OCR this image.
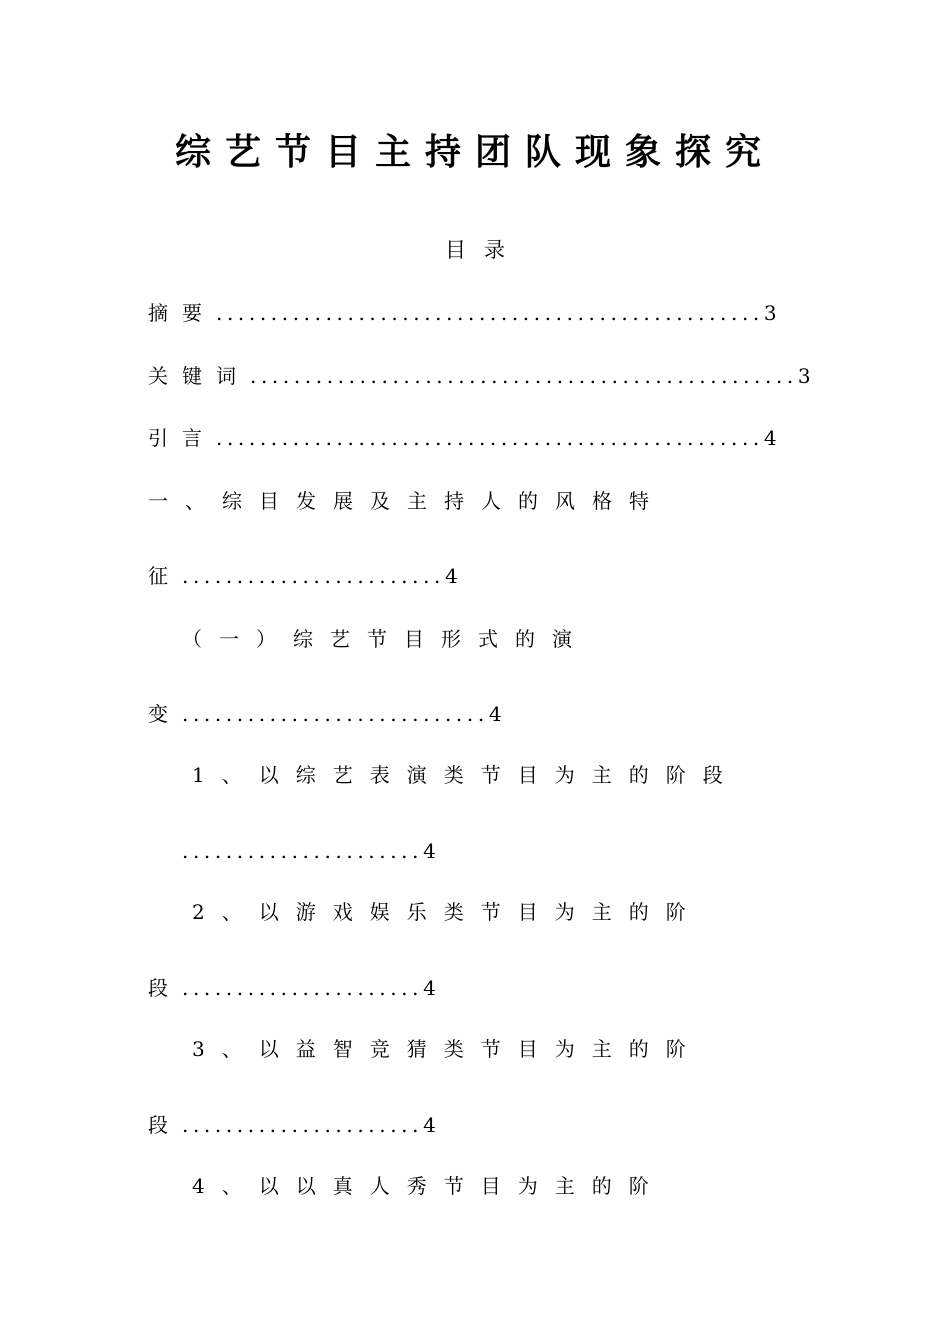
综艺节目主持团队现象探究
目录
摘要..................................................3
关键词..................................................3
引言..................................................4
一、综目发展及主持人的风格特
征........................4
（一）综艺节目形式的演
变............................4
1、以综艺表演类节目为主的阶段
......................4
2、以游戏娱乐类节目为主的阶
段......................4
3、以益智竞猜类节目为主的阶
段......................4
4、以以真人秀节目为主的阶
